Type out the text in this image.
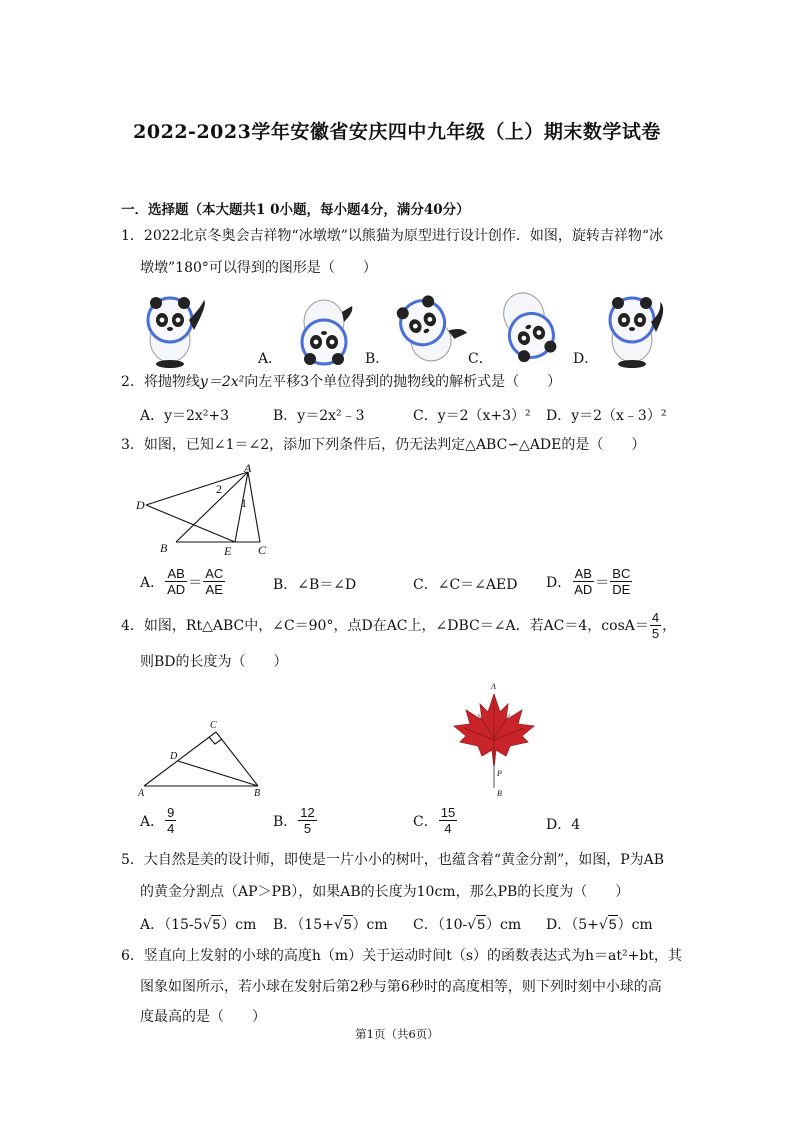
2022-2023学年安徽省安庆四中九年级（上）期末数学试卷
一．选择题（本大题共1 0小题，每小题4分，满分40分）
1．2022北京冬奥会吉祥物“冰墩墩”以熊猫为原型进行设计创作．如图，旋转吉祥物“冰
墩墩”180°可以得到的图形是（　　）
A．	B．	C．	D．
2．将抛物线y＝2x²向左平移3个单位得到的抛物线的解析式是（　　）
A．y＝2x²+3	B．y＝2x²﹣3	C．y＝2（x+3）² D．y＝2（x﹣3）²
3．如图，已知∠1＝∠2，添加下列条件后，仍无法判定△ABC∽△ADE的是（　　）
A
D
2
1
B	E C
A． $\frac{AB}{AD} = \frac{AC}{AE}$	B．∠B＝∠D	C．∠C＝∠AED D． $\frac{AB}{AD} = \frac{BC}{DE}$
4．如图，Rt△ABC中，∠C＝90°，点D在AC上，∠DBC＝∠A．若AC＝4，$\cos A= \frac{4}{5}$ ，
则BD的长度为（　　）
C
D
A	B
A
P
B
A． $\frac{9}{4}$	B． $\frac{12}{5}$	C． $\frac{15}{4}$	D．4
5．大自然是美的设计师，即使是一片小小的树叶，也蕴含着“黄金分割”，如图，P为AB
的黄金分割点（AP＞PB），如果AB的长度为10cm，那么PB的长度为（　　）
A．（15-5√5）cm B．（15+√5）cm C．（10-√5）cm D．（5+√5）cm
6．竖直向上发射的小球的高度h（m）关于运动时间t（s）的函数表达式为h＝at²+bt，其
图象如图所示，若小球在发射后第2秒与第6秒时的高度相等，则下列时刻中小球的高
度最高的是（　　）
第1页（共6页）
